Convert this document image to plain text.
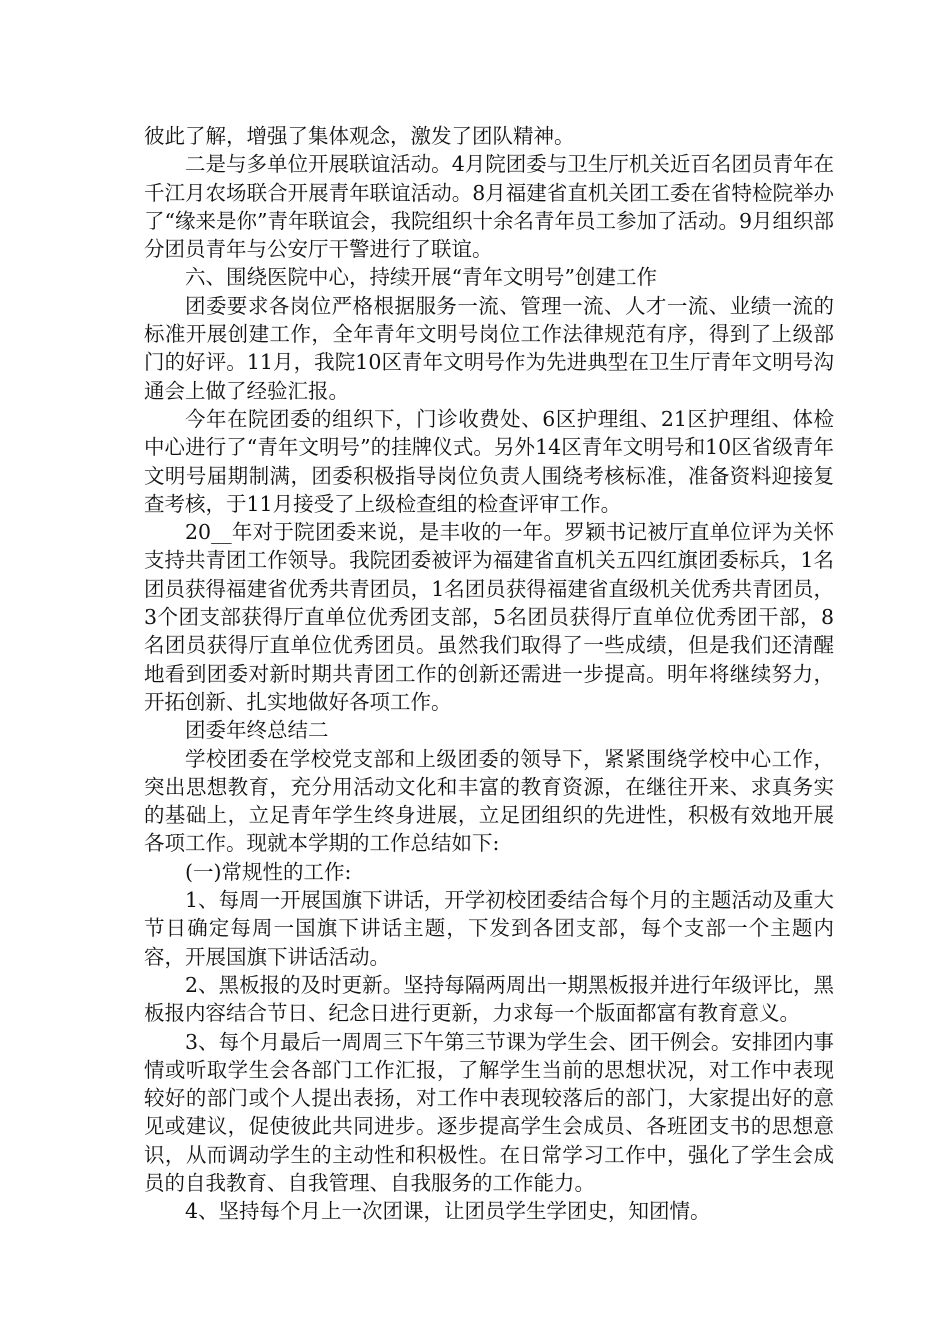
彼此了解，增强了集体观念，激发了团队精神。

二是与多单位开展联谊活动。4月院团委与卫生厅机关近百名团员青年在千江月农场联合开展青年联谊活动。8月福建省直机关团工委在省特检院举办了“缘来是你”青年联谊会，我院组织十余名青年员工参加了活动。9月组织部分团员青年与公安厅干警进行了联谊。

六、围绕医院中心，持续开展“青年文明号”创建工作

团委要求各岗位严格根据服务一流、管理一流、人才一流、业绩一流的标准开展创建工作，全年青年文明号岗位工作法律规范有序，得到了上级部门的好评。11月，我院10区青年文明号作为先进典型在卫生厅青年文明号沟通会上做了经验汇报。

今年在院团委的组织下，门诊收费处、6区护理组、21区护理组、体检中心进行了“青年文明号”的挂牌仪式。另外14区青年文明号和10区省级青年文明号届期制满，团委积极指导岗位负责人围绕考核标准，准备资料迎接复查考核，于11月接受了上级检查组的检查评审工作。

20__年对于院团委来说，是丰收的一年。罗颖书记被厅直单位评为关怀支持共青团工作领导。我院团委被评为福建省直机关五四红旗团委标兵，1名团员获得福建省优秀共青团员，1名团员获得福建省直级机关优秀共青团员，3个团支部获得厅直单位优秀团支部，5名团员获得厅直单位优秀团干部，8名团员获得厅直单位优秀团员。虽然我们取得了一些成绩，但是我们还清醒地看到团委对新时期共青团工作的创新还需进一步提高。明年将继续努力，开拓创新、扎实地做好各项工作。

团委年终总结二

学校团委在学校党支部和上级团委的领导下，紧紧围绕学校中心工作，突出思想教育，充分用活动文化和丰富的教育资源，在继往开来、求真务实的基础上，立足青年学生终身进展，立足团组织的先进性，积极有效地开展各项工作。现就本学期的工作总结如下:

(一)常规性的工作:

1、每周一开展国旗下讲话，开学初校团委结合每个月的主题活动及重大节日确定每周一国旗下讲话主题，下发到各团支部，每个支部一个主题内容，开展国旗下讲话活动。

2、黑板报的及时更新。坚持每隔两周出一期黑板报并进行年级评比，黑板报内容结合节日、纪念日进行更新，力求每一个版面都富有教育意义。

3、每个月最后一周周三下午第三节课为学生会、团干例会。安排团内事情或听取学生会各部门工作汇报，了解学生当前的思想状况，对工作中表现较好的部门或个人提出表扬，对工作中表现较落后的部门，大家提出好的意见或建议，促使彼此共同进步。逐步提高学生会成员、各班团支书的思想意识，从而调动学生的主动性和积极性。在日常学习工作中，强化了学生会成员的自我教育、自我管理、自我服务的工作能力。

4、坚持每个月上一次团课，让团员学生学团史，知团情。
